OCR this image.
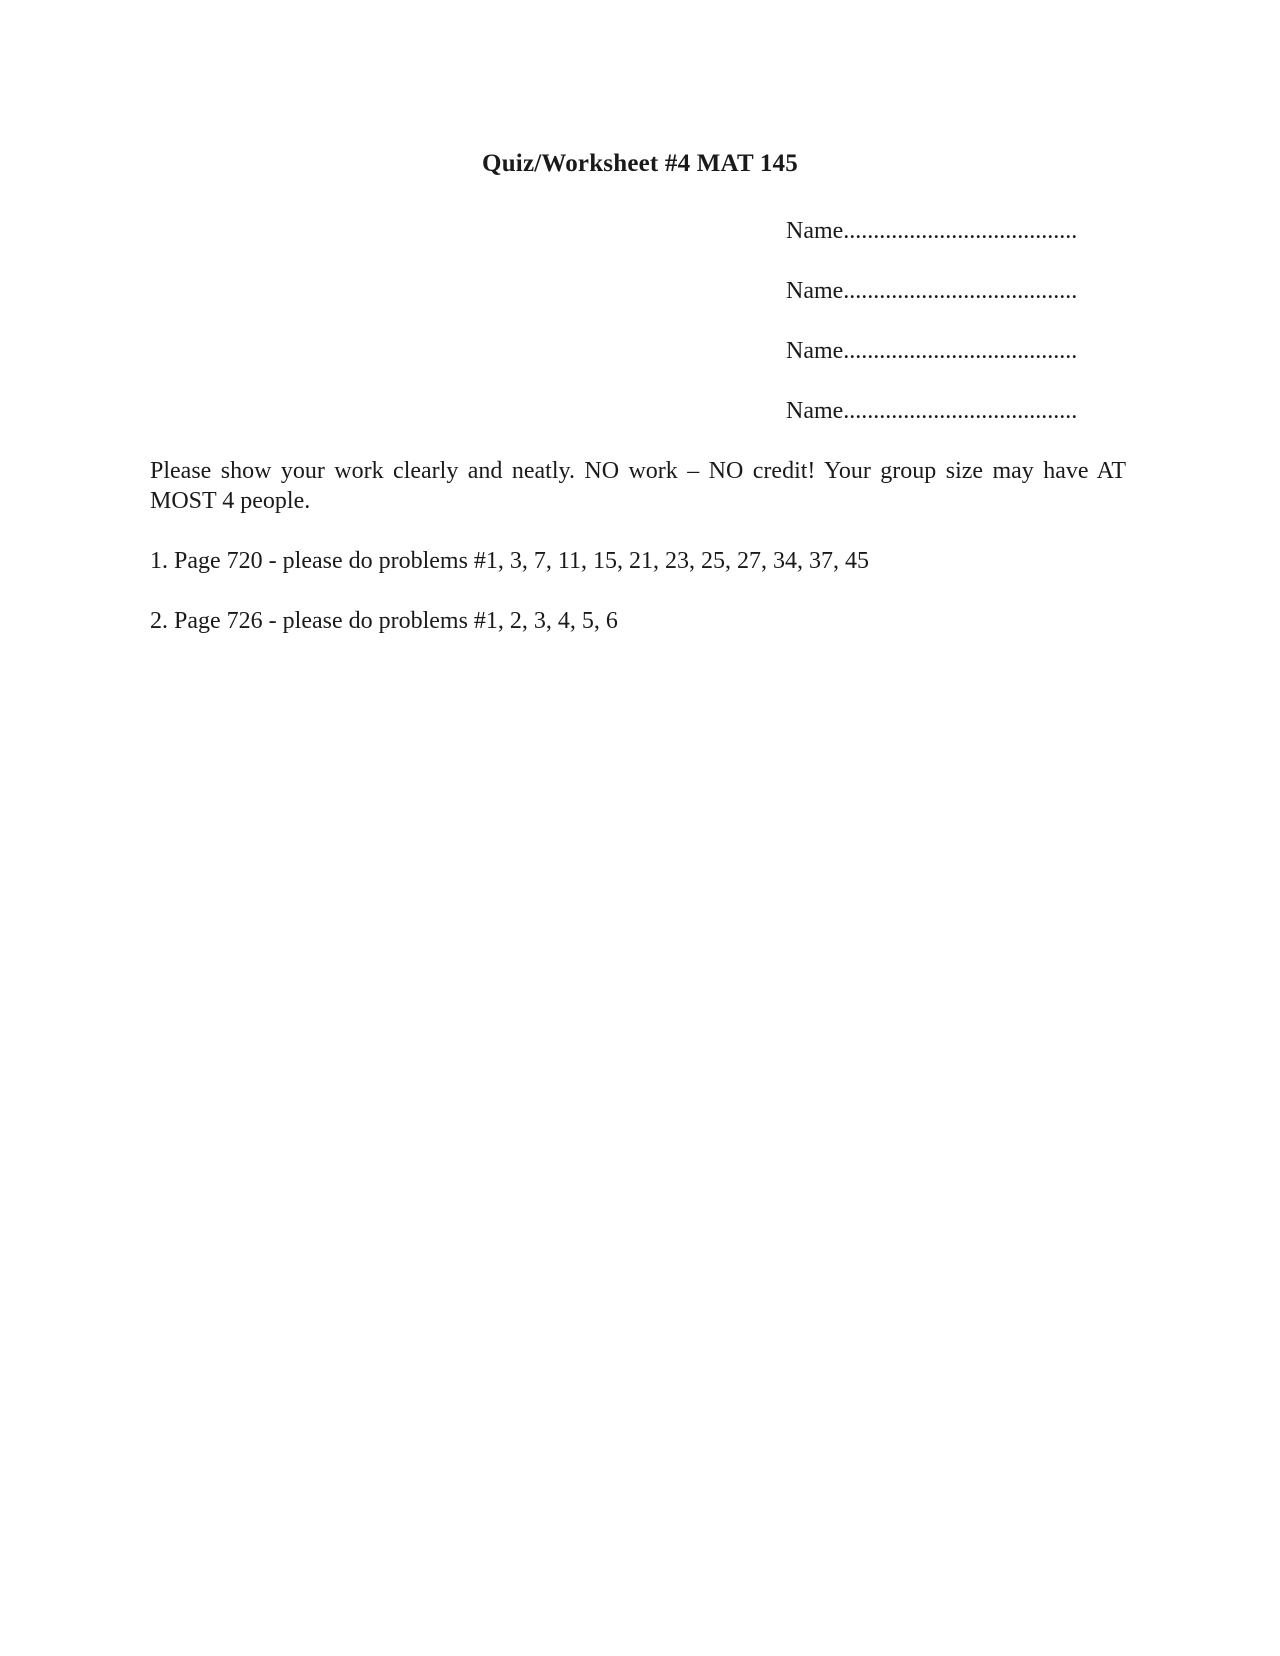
Quiz/Worksheet #4 MAT 145
Name.......................................
Name.......................................
Name.......................................
Name.......................................

Please show your work clearly and neatly. NO work – NO credit! Your group size may have AT MOST 4 people.

1. Page 720 - please do problems #1, 3, 7, 11, 15, 21, 23, 25, 27, 34, 37, 45

2. Page 726 - please do problems #1, 2, 3, 4, 5, 6
